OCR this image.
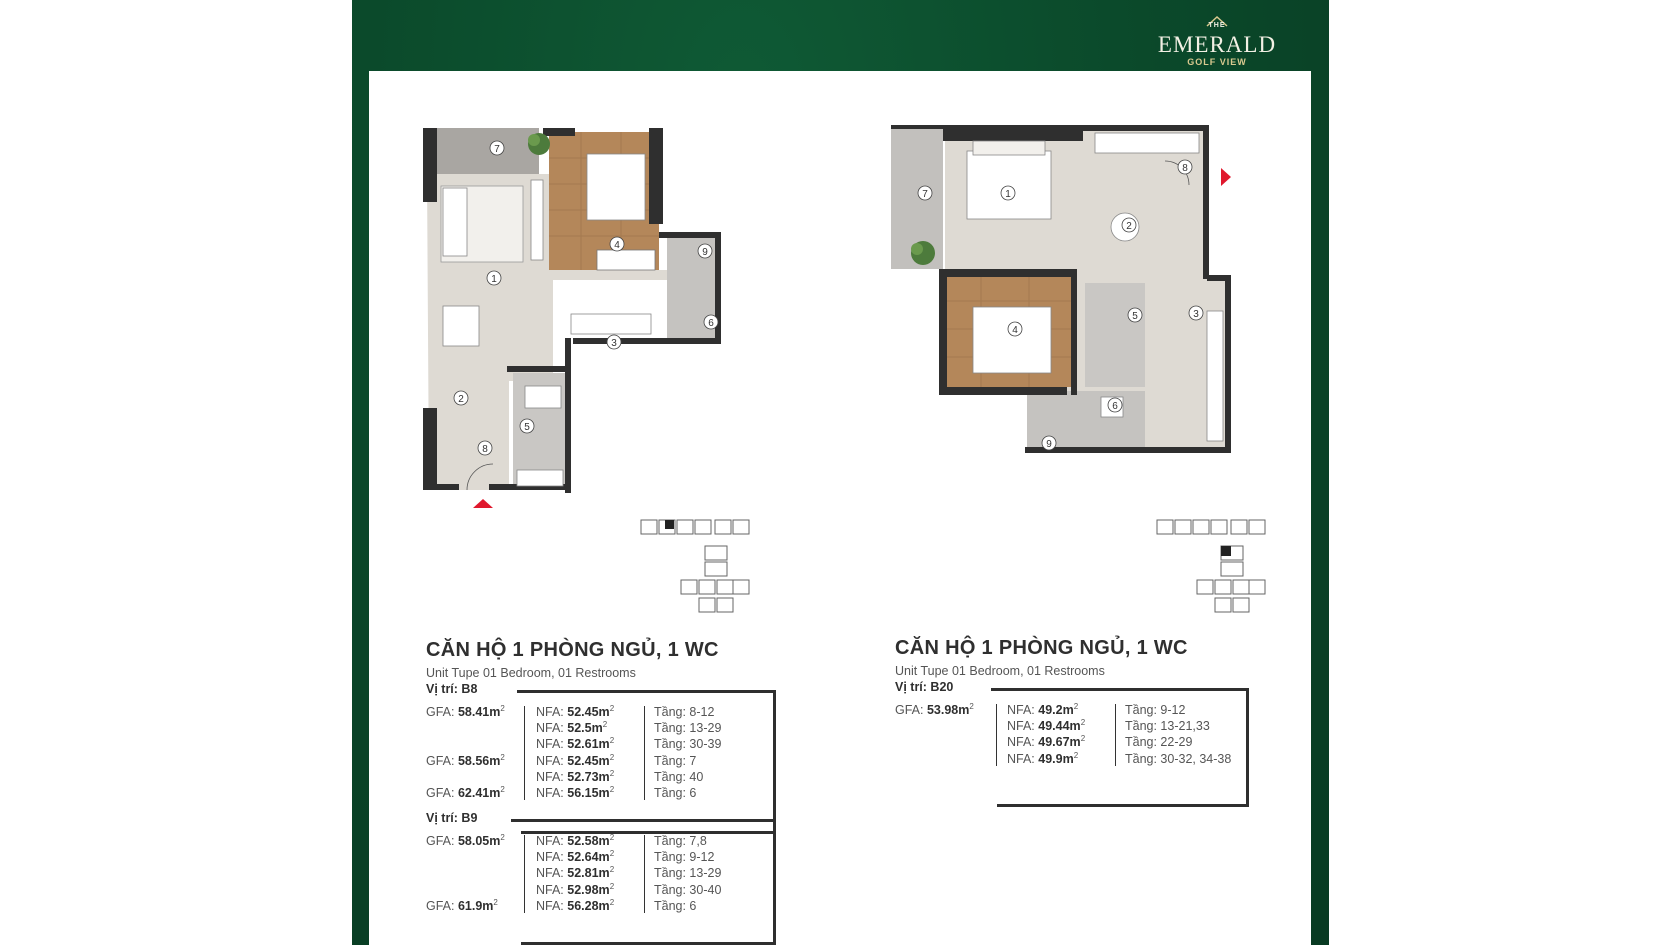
THE
EMERALD
GOLF VIEW
1
2
3
4
5
6
7
8
9
1
2
3
4
5
6
7
8
9
CĂN HỘ 1 PHÒNG NGỦ, 1 WC
Unit Tupe 01 Bedroom, 01 Restrooms
Vị trí: B8
GFA: $58.41m^2$
GFA: $58.56m^2$
GFA: $62.41m^2$
NFA: $52.45m^2$
NFA: $52.5m^2$
NFA: $52.61m^2$
NFA: $52.45m^2$
NFA: $52.73m^2$
NFA: $56.15m^2$
Tầng: 8-12
Tầng: 13-29
Tầng: 30-39
Tầng: 7
Tầng: 40
Tầng: 6
Vị trí: B9
GFA: $58.05m^2$
GFA: $61.9m^2$
NFA: $52.58m^2$
NFA: $52.64m^2$
NFA: $52.81m^2$
NFA: $52.98m^2$
NFA: $56.28m^2$
Tầng: 7,8
Tầng: 9-12
Tầng: 13-29
Tầng: 30-40
Tầng: 6
CĂN HỘ 1 PHÒNG NGỦ, 1 WC
Unit Tupe 01 Bedroom, 01 Restrooms
Vị trí: B20
GFA: $53.98m^2$	NFA: $49.2m^2$
NFA: $49.44m^2$
NFA: $49.67m^2$
NFA: $49.9m^2$
Tầng: 9-12
Tầng: 13-21,33
Tầng: 22-29
Tầng: 30-32, 34-38
